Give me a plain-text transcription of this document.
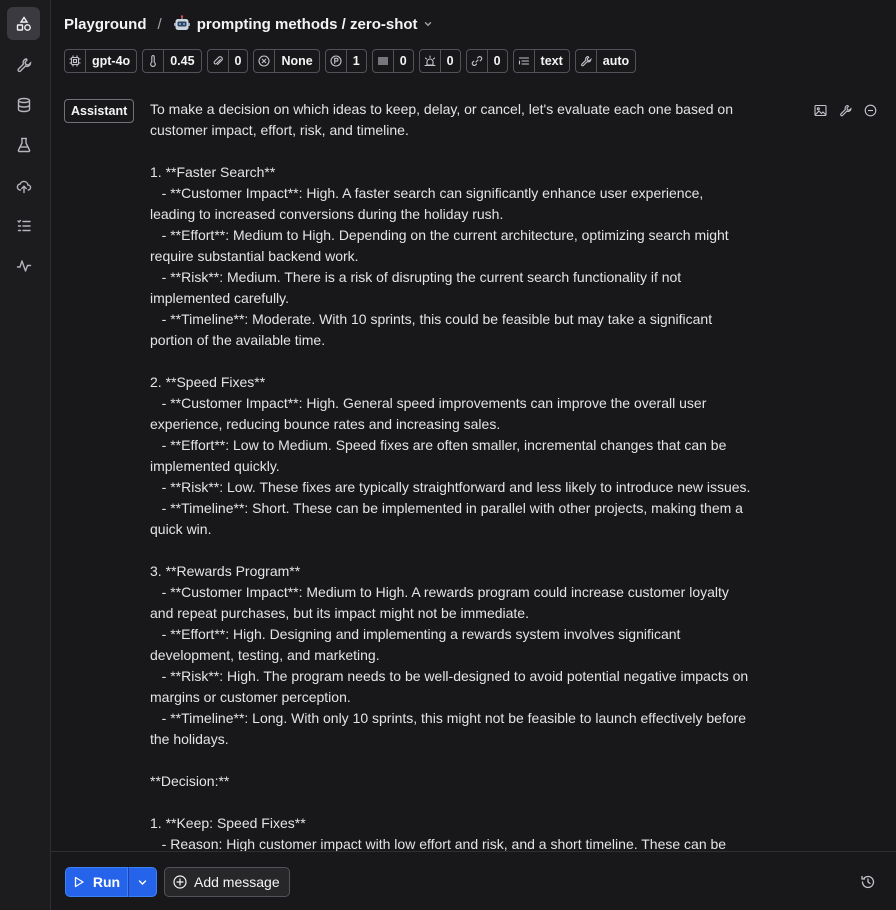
Playground / prompting methods / zero-shot
gpt-4o	0.45	0	None	1	0	0	0	text	auto
Assistant	To make a decision on which ideas to keep, delay, or cancel, let's evaluate each one based on
customer impact, effort, risk, and timeline.
1. **Faster Search**
- **Customer Impact**: High. A faster search can significantly enhance user experience,
leading to increased conversions during the holiday rush.
- **Effort**: Medium to High. Depending on the current architecture, optimizing search might
require substantial backend work.
- **Risk**: Medium. There is a risk of disrupting the current search functionality if not
implemented carefully.
- **Timeline**: Moderate. With 10 sprints, this could be feasible but may take a significant
portion of the available time.
2. **Speed Fixes**
- **Customer Impact**: High. General speed improvements can improve the overall user
experience, reducing bounce rates and increasing sales.
- **Effort**: Low to Medium. Speed fixes are often smaller, incremental changes that can be
implemented quickly.
- **Risk**: Low. These fixes are typically straightforward and less likely to introduce new issues.
- **Timeline**: Short. These can be implemented in parallel with other projects, making them a
quick win.
3. **Rewards Program**
- **Customer Impact**: Medium to High. A rewards program could increase customer loyalty
and repeat purchases, but its impact might not be immediate.
- **Effort**: High. Designing and implementing a rewards system involves significant
development, testing, and marketing.
- **Risk**: High. The program needs to be well-designed to avoid potential negative impacts on
margins or customer perception.
- **Timeline**: Long. With only 10 sprints, this might not be feasible to launch effectively before
the holidays.
**Decision:**
1. **Keep: Speed Fixes**
- Reason: High customer impact with low effort and risk, and a short timeline. These can be
Run	Add message
